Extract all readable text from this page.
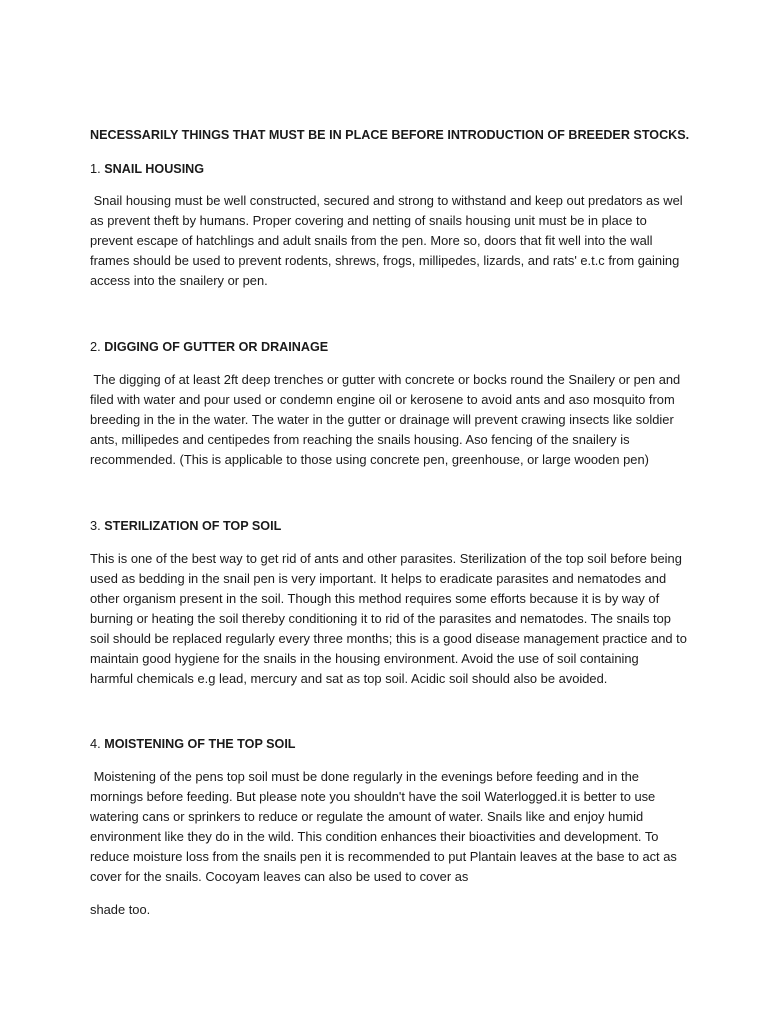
NECESSARILY THINGS THAT MUST BE IN PLACE BEFORE INTRODUCTION OF BREEDER STOCKS.

1. SNAIL HOUSING

Snail housing must be well constructed, secured and strong to withstand and keep out predators as wel
as prevent theft by humans. Proper covering and netting of snails housing unit must be in place to
prevent escape of hatchlings and adult snails from the pen. More so, doors that fit well into the wall
frames should be used to prevent rodents, shrews, frogs, millipedes, lizards, and rats' e.t.c from gaining
access into the snailery or pen.

2. DIGGING OF GUTTER OR DRAINAGE

The digging of at least 2ft deep trenches or gutter with concrete or bocks round the Snailery or pen and
filed with water and pour used or condemn engine oil or kerosene to avoid ants and aso mosquito from
breeding in the in the water. The water in the gutter or drainage will prevent crawing insects like soldier
ants, millipedes and centipedes from reaching the snails housing. Aso fencing of the snailery is
recommended. (This is applicable to those using concrete pen, greenhouse, or large wooden pen)

3. STERILIZATION OF TOP SOIL

This is one of the best way to get rid of ants and other parasites. Sterilization of the top soil before being
used as bedding in the snail pen is very important. It helps to eradicate parasites and nematodes and
other organism present in the soil. Though this method requires some efforts because it is by way of
burning or heating the soil thereby conditioning it to rid of the parasites and nematodes. The snails top
soil should be replaced regularly every three months; this is a good disease management practice and to
maintain good hygiene for the snails in the housing environment. Avoid the use of soil containing
harmful chemicals e.g lead, mercury and sat as top soil. Acidic soil should also be avoided.

4. MOISTENING OF THE TOP SOIL

Moistening of the pens top soil must be done regularly in the evenings before feeding and in the
mornings before feeding. But please note you shouldn't have the soil Waterlogged.it is better to use
watering cans or sprinkers to reduce or regulate the amount of water. Snails like and enjoy humid
environment like they do in the wild. This condition enhances their bioactivities and development. To
reduce moisture loss from the snails pen it is recommended to put Plantain leaves at the base to act as
cover for the snails. Cocoyam leaves can also be used to cover as

shade too.
